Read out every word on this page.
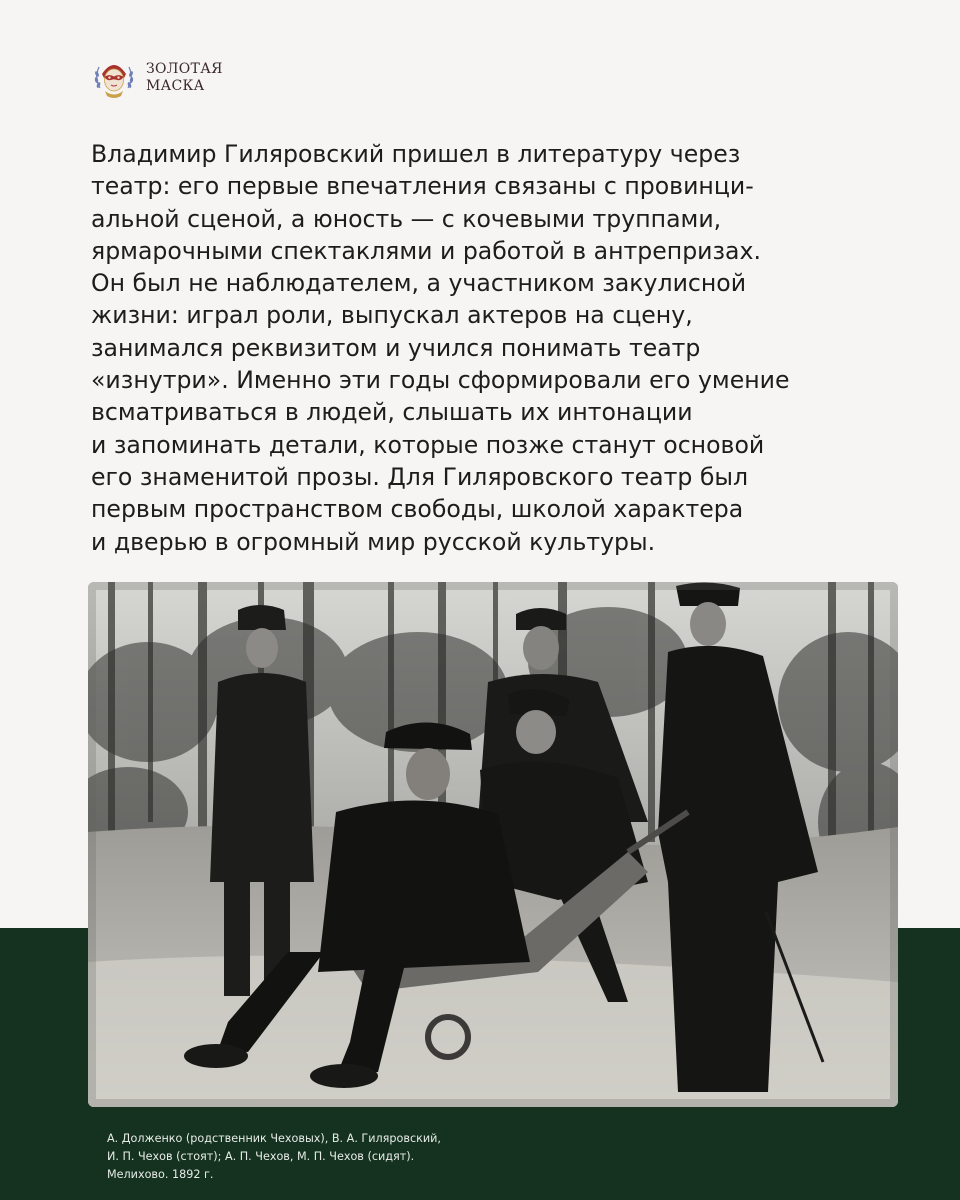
ЗОЛОТАЯ
МАСКА
Владимир Гиляровский пришел в литературу через
театр: его первые впечатления связаны с провинци-
альной сценой, а юность — с кочевыми труппами,
ярмарочными спектаклями и работой в антрепризах.
Он был не наблюдателем, а участником закулисной
жизни: играл роли, выпускал актеров на сцену,
занимался реквизитом и учился понимать театр
«изнутри». Именно эти годы сформировали его умение
всматриваться в людей, слышать их интонации
и запоминать детали, которые позже станут основой
его знаменитой прозы. Для Гиляровского театр был
первым пространством свободы, школой характера
и дверью в огромный мир русской культуры.
А. Долженко (родственник Чеховых), В. А. Гиляровский,
И. П. Чехов (стоят); А. П. Чехов, М. П. Чехов (сидят).
Мелихово. 1892 г.
